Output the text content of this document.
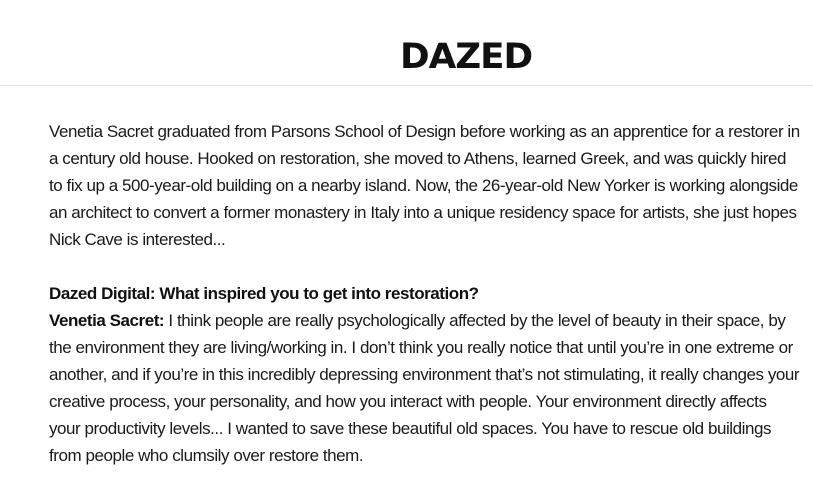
DAZED

Venetia Sacret graduated from Parsons School of Design before working as an apprentice for a restorer in a century old house. Hooked on restoration, she moved to Athens, learned Greek, and was quickly hired to fix up a 500-year-old building on a nearby island. Now, the 26-year-old New Yorker is working alongside an architect to convert a former monastery in Italy into a unique residency space for artists, she just hopes Nick Cave is interested...

Dazed Digital: What inspired you to get into restoration?

Venetia Sacret: I think people are really psychologically affected by the level of beauty in their space, by the environment they are living/working in. I don’t think you really notice that until you’re in one extreme or another, and if you’re in this incredibly depressing environment that’s not stimulating, it really changes your creative process, your personality, and how you interact with people. Your environment directly affects your productivity levels... I wanted to save these beautiful old spaces. You have to rescue old buildings from people who clumsily over restore them.
